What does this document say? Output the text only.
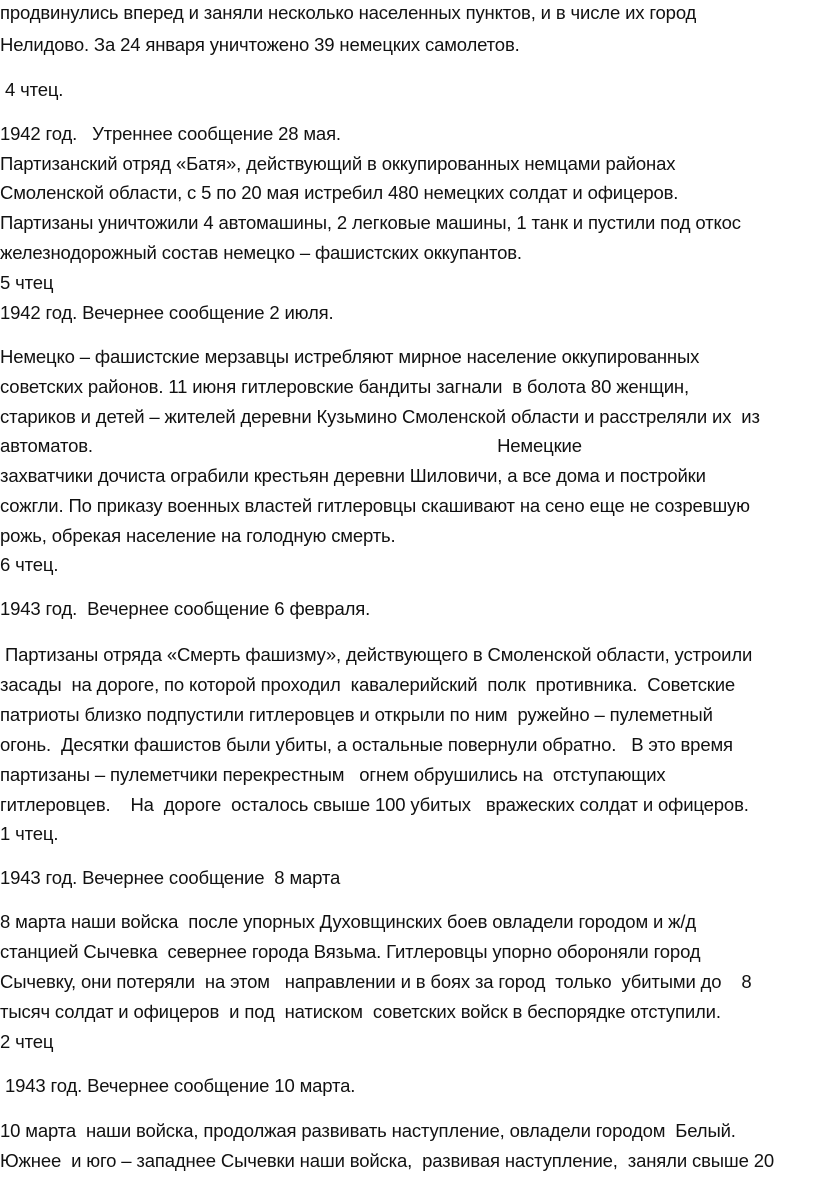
продвинулись вперед и заняли несколько населенных пунктов, и в числе их город
Нелидово. За 24 января уничтожено 39 немецких самолетов.
4 чтец.
1942 год.   Утреннее сообщение 28 мая.
Партизанский отряд «Батя», действующий в оккупированных немцами районах
Смоленской области, с 5 по 20 мая истребил 480 немецких солдат и офицеров.
Партизаны уничтожили 4 автомашины, 2 легковые машины, 1 танк и пустили под откос
железнодорожный состав немецко – фашистских оккупантов.
5 чтец
1942 год. Вечернее сообщение 2 июля.
Немецко – фашистские мерзавцы истребляют мирное население оккупированных
советских районов. 11 июня гитлеровские бандиты загнали  в болота 80 женщин,
стариков и детей – жителей деревни Кузьмино Смоленской области и расстреляли их  из
автоматов.                                                                                 Немецкие
захватчики дочиста ограбили крестьян деревни Шиловичи, а все дома и постройки
сожгли. По приказу военных властей гитлеровцы скашивают на сено еще не созревшую
рожь, обрекая население на голодную смерть.
6 чтец.
1943 год.  Вечернее сообщение 6 февраля.
Партизаны отряда «Смерть фашизму», действующего в Смоленской области, устроили
засады  на дороге, по которой проходил  кавалерийский  полк  противника.  Советские
патриоты близко подпустили гитлеровцев и открыли по ним  ружейно – пулеметный
огонь.  Десятки фашистов были убиты, а остальные повернули обратно.   В это время
партизаны – пулеметчики перекрестным   огнем обрушились на  отступающих
гитлеровцев.    На  дороге  осталось свыше 100 убитых   вражеских солдат и офицеров.
1 чтец.
1943 год. Вечернее сообщение  8 марта
8 марта наши войска  после упорных Духовщинских боев овладели городом и ж/д
станцией Сычевка  севернее города Вязьма. Гитлеровцы упорно обороняли город
Сычевку, они потеряли  на этом   направлении и в боях за город  только  убитыми до    8
тысяч солдат и офицеров  и под  натиском  советских войск в беспорядке отступили.
2 чтец
1943 год. Вечернее сообщение 10 марта.
10 марта  наши войска, продолжая развивать наступление, овладели городом  Белый.
Южнее  и юго – западнее Сычевки наши войска,  развивая наступление,  заняли свыше 20
